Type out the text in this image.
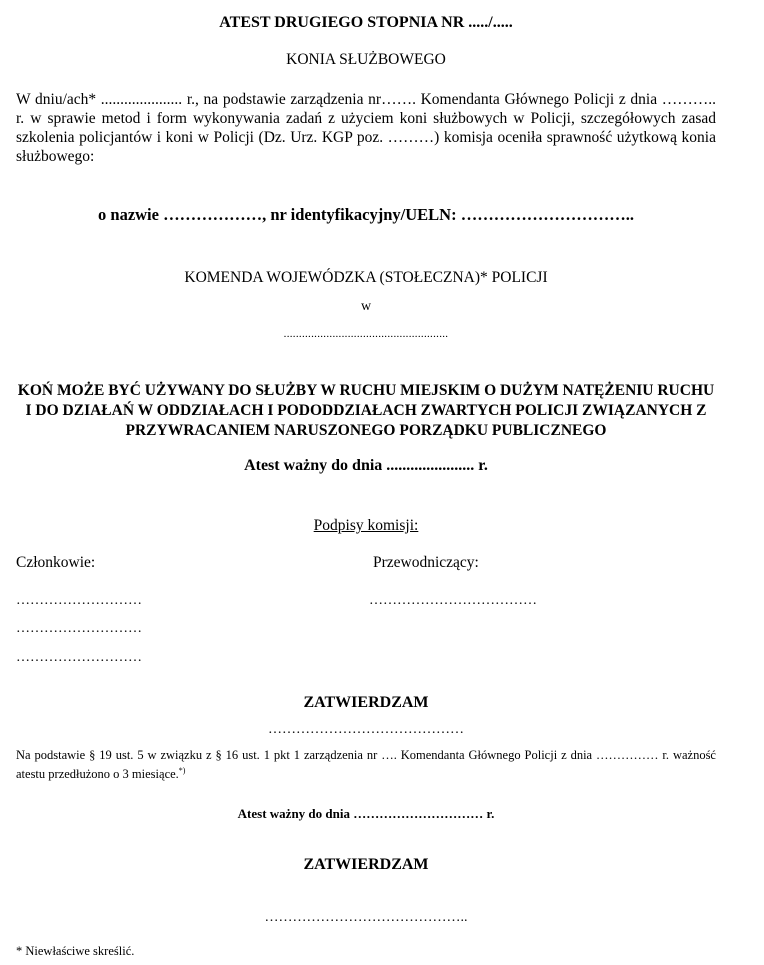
ATEST DRUGIEGO STOPNIA NR ...../.....
KONIA SŁUŻBOWEGO
W dniu/ach* ..................... r., na podstawie zarządzenia nr……. Komendanta Głównego Policji z dnia ……….. r. w sprawie metod i form wykonywania zadań z użyciem koni służbowych w Policji, szczegółowych zasad szkolenia policjantów i koni w Policji (Dz. Urz. KGP poz. ………) komisja oceniła sprawność użytkową konia służbowego:
o nazwie ………………, nr identyfikacyjny/UELN: …………………………..
KOMENDA WOJEWÓDZKA (STOŁECZNA)* POLICJI
w
......................................................
KOŃ MOŻE BYĆ UŻYWANY DO SŁUŻBY W RUCHU MIEJSKIM O DUŻYM NATĘŻENIU RUCHU I DO DZIAŁAŃ W ODDZIAŁACH I PODODDZIAŁACH ZWARTYCH POLICJI ZWIĄZANYCH Z PRZYWRACANIEM NARUSZONEGO PORZĄDKU PUBLICZNEGO
Atest ważny do dnia ...................... r.
Podpisy komisji:
Członkowie:	Przewodniczący:
………………………
………………………
………………………
………………………………
ZATWIERDZAM
……………………………………
Na podstawie § 19 ust. 5 w związku z § 16 ust. 1 pkt 1 zarządzenia nr …. Komendanta Głównego Policji z dnia …………… r. ważność atestu przedłużono o 3 miesiące.*)
Atest ważny do dnia ………………………… r.
ZATWIERDZAM
……………………………………..
* Niewłaściwe skreślić.
